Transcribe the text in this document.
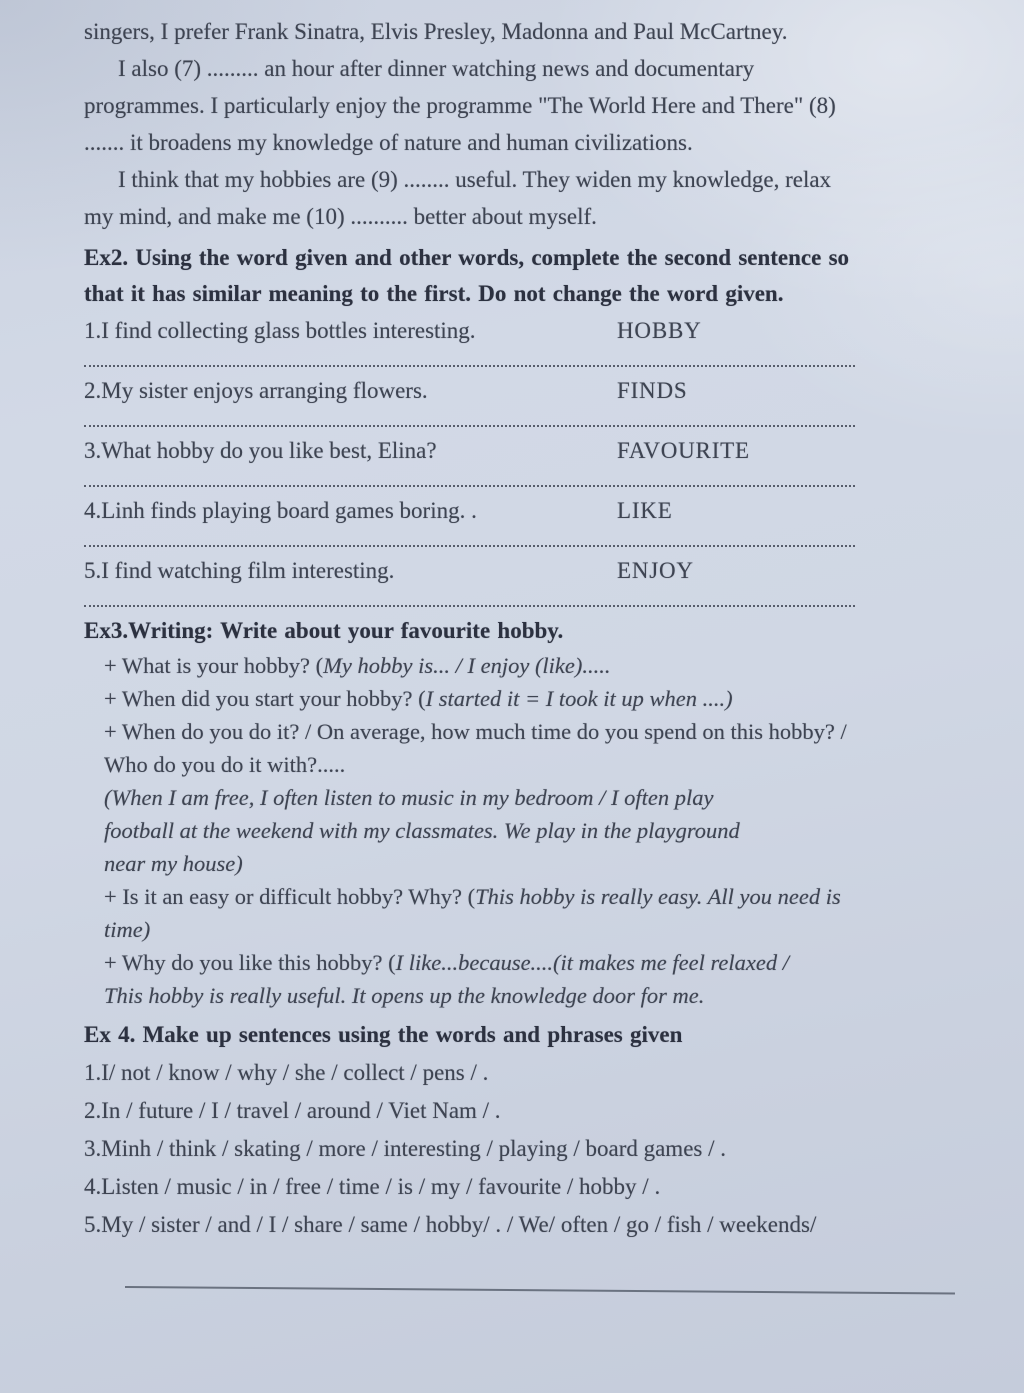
singers, I prefer Frank Sinatra, Elvis Presley, Madonna and Paul McCartney.

I also (7) ......... an hour after dinner watching news and documentary

programmes. I particularly enjoy the programme "The World Here and There" (8)

....... it broadens my knowledge of nature and human civilizations.

I think that my hobbies are (9) ........ useful. They widen my knowledge, relax

my mind, and make me (10) .......... better about myself.

Ex2. Using the word given and other words, complete the second sentence so

that it has similar meaning to the first. Do not change the word given.

1.I find collecting glass bottles interesting.	HOBBY
2.My sister enjoys arranging flowers.	FINDS
3.What hobby do you like best, Elina?	FAVOURITE
4.Linh finds playing board games boring. .	LIKE
5.I find watching film interesting.	ENJOY

Ex3.Writing: Write about your favourite hobby.

+ What is your hobby? (My hobby is... / I enjoy (like).....

+ When did you start your hobby? (I started it = I took it up when ....)

+ When do you do it? / On average, how much time do you spend on this hobby? /

Who do you do it with?.....

(When I am free, I often listen to music in my bedroom / I often play

football at the weekend with my classmates. We play in the playground

near my house)

+ Is it an easy or difficult hobby? Why? (This hobby is really easy. All you need is

time)

+ Why do you like this hobby? (I like...because....(it makes me feel relaxed /

This hobby is really useful. It opens up the knowledge door for me.

Ex 4. Make up sentences using the words and phrases given

1.I/ not / know / why / she / collect / pens / .

2.In / future / I / travel / around / Viet Nam / .

3.Minh / think / skating / more / interesting / playing / board games / .

4.Listen / music / in / free / time / is / my / favourite / hobby / .

5.My / sister / and / I / share / same / hobby/ . / We/ often / go / fish / weekends/
